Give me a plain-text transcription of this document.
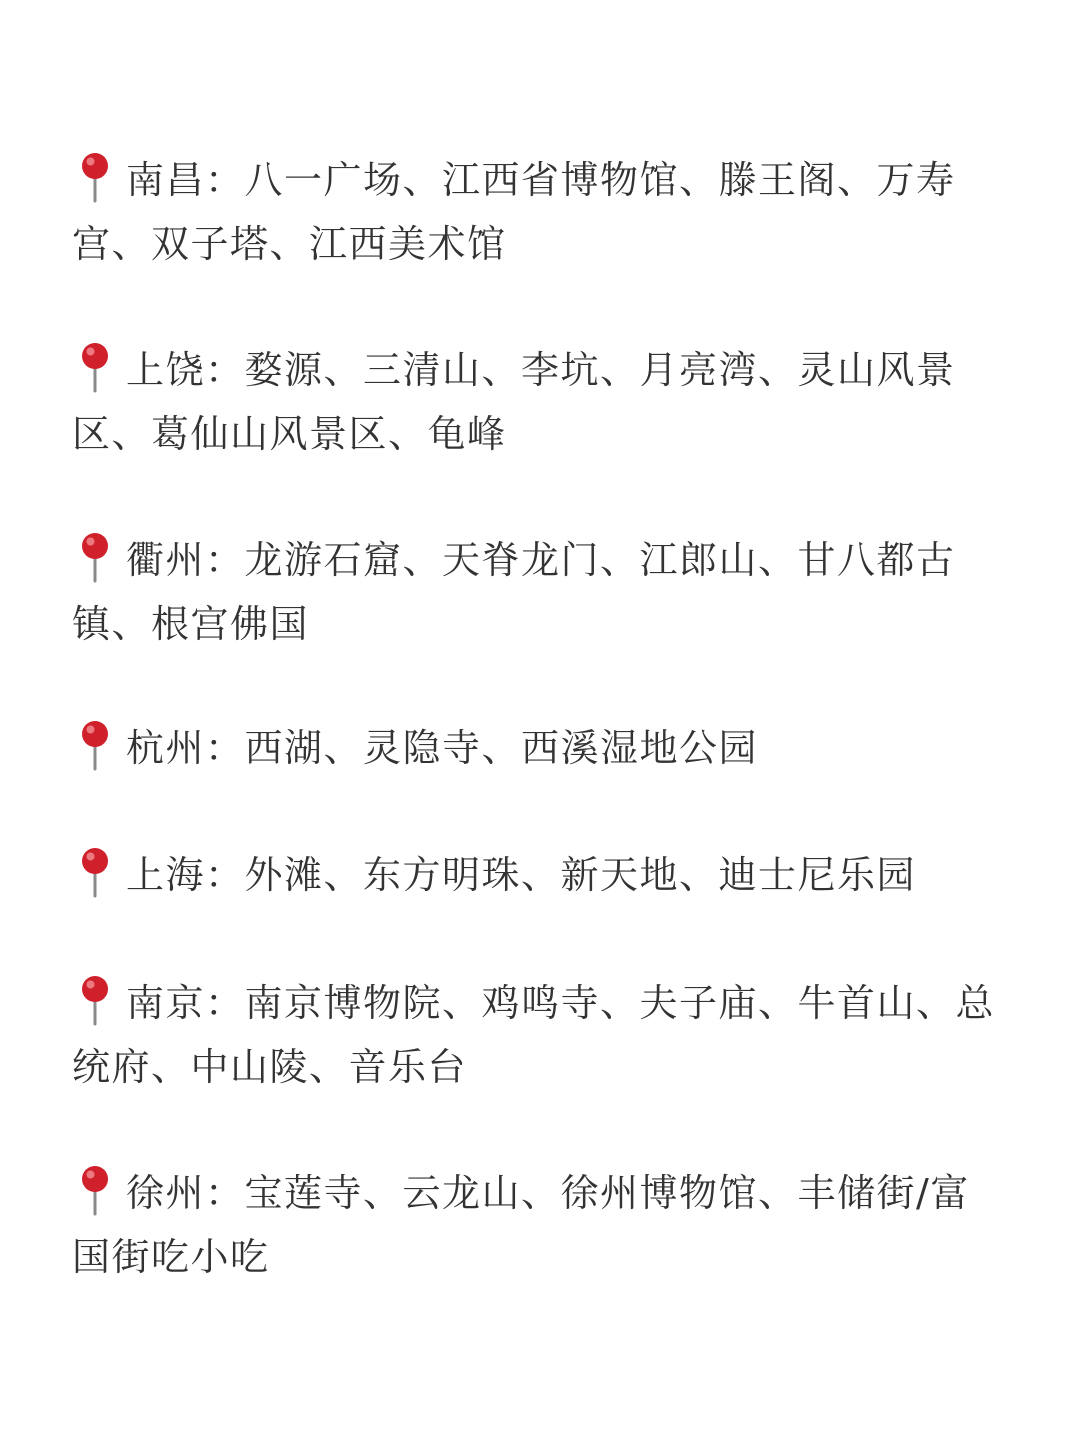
南昌：八一广场、江西省博物馆、滕王阁、万寿宫、双子塔、江西美术馆
上饶：婺源、三清山、李坑、月亮湾、灵山风景区、葛仙山风景区、龟峰
衢州：龙游石窟、天脊龙门、江郎山、甘八都古镇、根宫佛国
杭州：西湖、灵隐寺、西溪湿地公园
上海：外滩、东方明珠、新天地、迪士尼乐园
南京：南京博物院、鸡鸣寺、夫子庙、牛首山、总统府、中山陵、音乐台
徐州：宝莲寺、云龙山、徐州博物馆、丰储街/富国街吃小吃
